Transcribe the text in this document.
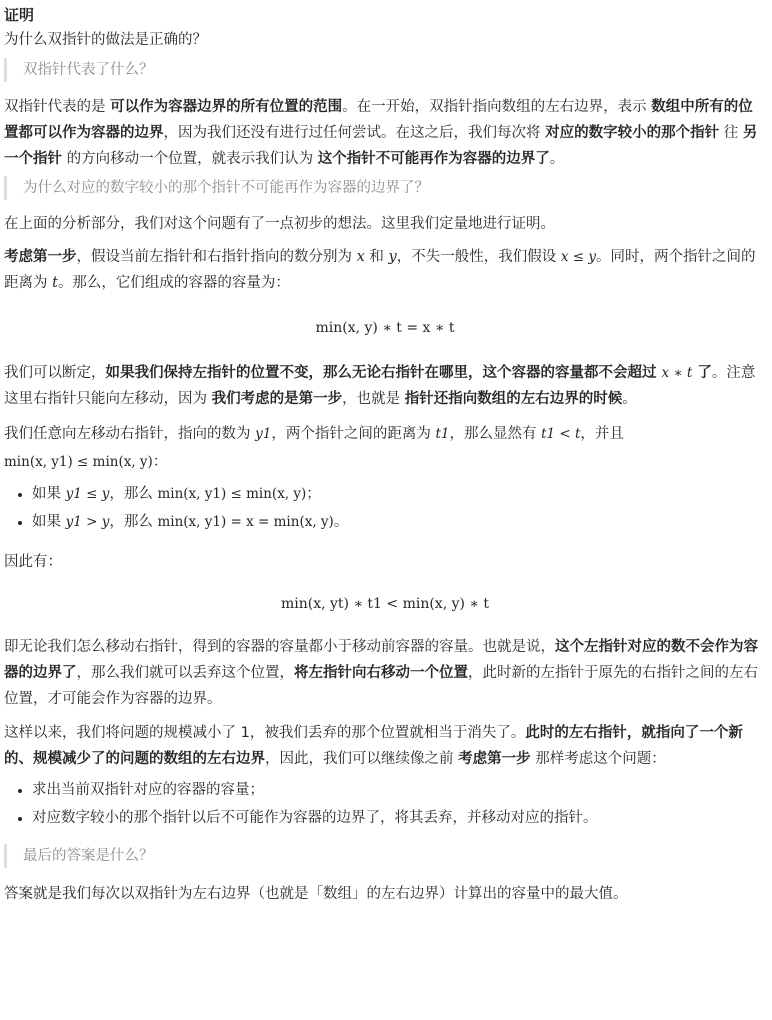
证明

为什么双指针的做法是正确的？

双指针代表了什么？

双指针代表的是 可以作为容器边界的所有位置的范围。在一开始，双指针指向数组的左右边界，表示 数组中所有的位置都可以作为容器的边界，因为我们还没有进行过任何尝试。在这之后，我们每次将 对应的数字较小的那个指针 往 另一个指针 的方向移动一个位置，就表示我们认为 这个指针不可能再作为容器的边界了。

为什么对应的数字较小的那个指针不可能再作为容器的边界了？

在上面的分析部分，我们对这个问题有了一点初步的想法。这里我们定量地进行证明。

考虑第一步，假设当前左指针和右指针指向的数分别为 x 和 y，不失一般性，我们假设 x ≤ y。同时，两个指针之间的距离为 t。那么，它们组成的容器的容量为：

min(x, y) ∗ t = x ∗ t

我们可以断定，如果我们保持左指针的位置不变，那么无论右指针在哪里，这个容器的容量都不会超过 x ∗ t 了。注意这里右指针只能向左移动，因为 我们考虑的是第一步，也就是 指针还指向数组的左右边界的时候。

我们任意向左移动右指针，指向的数为 y1，两个指针之间的距离为 t1，那么显然有 t1 < t，并且
min(x, y1) ≤ min(x, y)：

• 如果 y1 ≤ y，那么 min(x, y1) ≤ min(x, y)；
• 如果 y1 > y，那么 min(x, y1) = x = min(x, y)。

因此有：

min(x, yt) ∗ t1 < min(x, y) ∗ t

即无论我们怎么移动右指针，得到的容器的容量都小于移动前容器的容量。也就是说，这个左指针对应的数不会作为容器的边界了，那么我们就可以丢弃这个位置，将左指针向右移动一个位置，此时新的左指针于原先的右指针之间的左右位置，才可能会作为容器的边界。

这样以来，我们将问题的规模减小了 1，被我们丢弃的那个位置就相当于消失了。此时的左右指针，就指向了一个新的、规模减少了的问题的数组的左右边界，因此，我们可以继续像之前 考虑第一步 那样考虑这个问题：

• 求出当前双指针对应的容器的容量；
• 对应数字较小的那个指针以后不可能作为容器的边界了，将其丢弃，并移动对应的指针。
最后的答案是什么？

答案就是我们每次以双指针为左右边界（也就是「数组」的左右边界）计算出的容量中的最大值。
